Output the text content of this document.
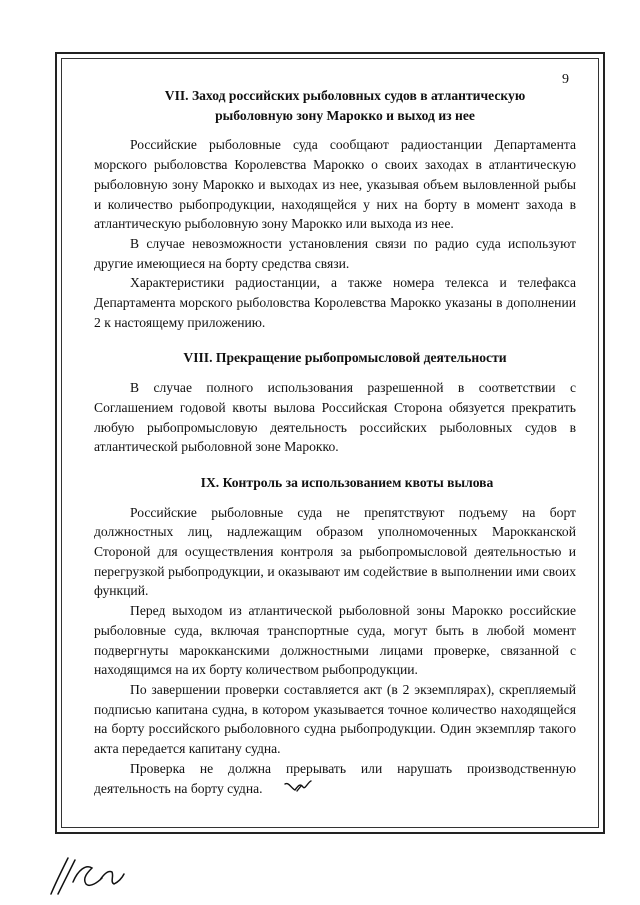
9
VII. Заход российских рыболовных судов в атлантическую
рыболовную зону Марокко и выход из нее

Российские рыболовные суда сообщают радиостанции Департамента морского рыболовства Королевства Марокко о своих заходах в атлантическую рыболовную зону Марокко и выходах из нее, указывая объем выловленной рыбы и количество рыбопродукции, находящейся у них на борту в момент захода в атлантическую рыболовную зону Марокко или выхода из нее.

В случае невозможности установления связи по радио суда используют другие имеющиеся на борту средства связи.

Характеристики радиостанции, а также номера телекса и телефакса Департамента морского рыболовства Королевства Марокко указаны в дополнении 2 к настоящему приложению.

VIII. Прекращение рыбопромысловой деятельности

В случае полного использования разрешенной в соответствии с Соглашением годовой квоты вылова Российская Сторона обязуется прекратить любую рыбопромысловую деятельность российских рыболовных судов в атлантической рыболовной зоне Марокко.

IX. Контроль за использованием квоты вылова

Российские рыболовные суда не препятствуют подъему на борт должностных лиц, надлежащим образом уполномоченных Марокканской Стороной для осуществления контроля за рыбопромысловой деятельностью и перегрузкой рыбопродукции, и оказывают им содействие в выполнении ими своих функций.

Перед выходом из атлантической рыболовной зоны Марокко российские рыболовные суда, включая транспортные суда, могут быть в любой момент подвергнуты марокканскими должностными лицами проверке, связанной с находящимся на их борту количеством рыбопродукции.

По завершении проверки составляется акт (в 2 экземплярах), скрепляемый подписью капитана судна, в котором указывается точное количество находящейся на борту российского рыболовного судна рыбопродукции. Один экземпляр такого акта передается капитану судна.

Проверка не должна прерывать или нарушать производственную деятельность на борту судна.
